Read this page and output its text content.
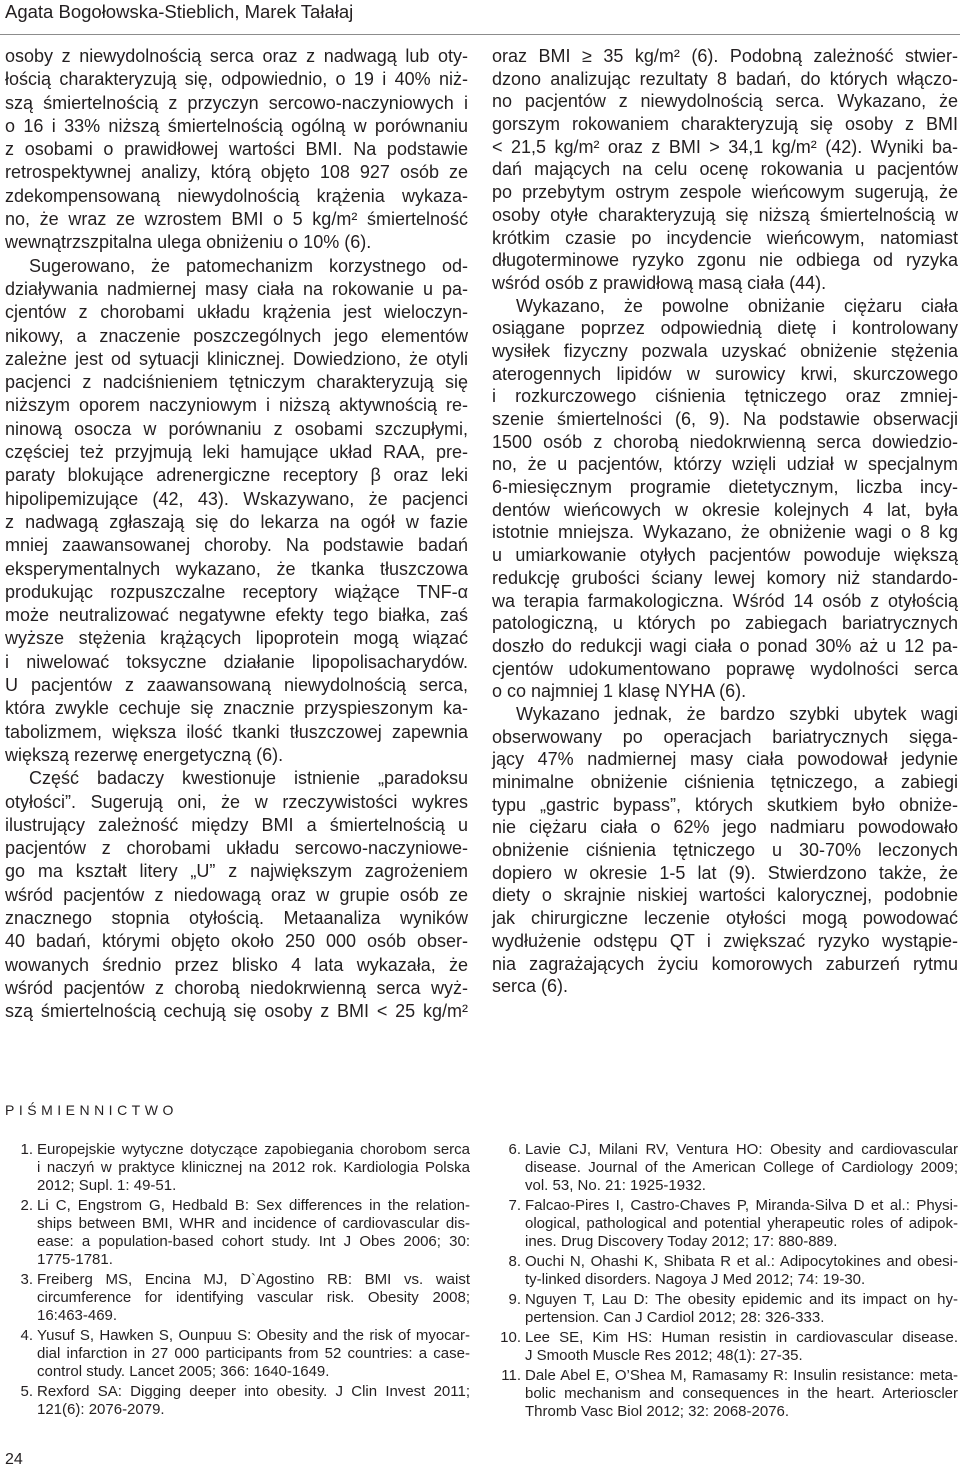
Agata Bogołowska-Stieblich, Marek Tałałaj
osoby z niewydolnością serca oraz z nadwagą lub oty-
łością charakteryzują się, odpowiednio, o 19 i 40% niż-
szą śmiertelnością z przyczyn sercowo-naczyniowych i
o 16 i 33% niższą śmiertelnością ogólną w porównaniu
z osobami o prawidłowej wartości BMI. Na podstawie
retrospektywnej analizy, którą objęto 108 927 osób ze
zdekompensowaną niewydolnością krążenia wykaza-
no, że wraz ze wzrostem BMI o 5 kg/m² śmiertelność
wewnątrzszpitalna ulega obniżeniu o 10% (6).
Sugerowano, że patomechanizm korzystnego od-
działywania nadmiernej masy ciała na rokowanie u pa-
cjentów z chorobami układu krążenia jest wieloczyn-
nikowy, a znaczenie poszczególnych jego elementów
zależne jest od sytuacji klinicznej. Dowiedziono, że otyli
pacjenci z nadciśnieniem tętniczym charakteryzują się
niższym oporem naczyniowym i niższą aktywnością re-
ninową osocza w porównaniu z osobami szczupłymi,
częściej też przyjmują leki hamujące układ RAA, pre-
paraty blokujące adrenergiczne receptory β oraz leki
hipolipemizujące (42, 43). Wskazywano, że pacjenci
z nadwagą zgłaszają się do lekarza na ogół w fazie
mniej zaawansowanej choroby. Na podstawie badań
eksperymentalnych wykazano, że tkanka tłuszczowa
produkując rozpuszczalne receptory wiążące TNF-α
może neutralizować negatywne efekty tego białka, zaś
wyższe stężenia krążących lipoprotein mogą wiązać
i niwelować toksyczne działanie lipopolisacharydów.
U pacjentów z zaawansowaną niewydolnością serca,
która zwykle cechuje się znacznie przyspieszonym ka-
tabolizmem, większa ilość tkanki tłuszczowej zapewnia
większą rezerwę energetyczną (6).
Część badaczy kwestionuje istnienie „paradoksu
otyłości”. Sugerują oni, że w rzeczywistości wykres
ilustrujący zależność między BMI a śmiertelnością u
pacjentów z chorobami układu sercowo-naczyniowe-
go ma kształt litery „U” z największym zagrożeniem
wśród pacjentów z niedowagą oraz w grupie osób ze
znacznego stopnia otyłością. Metaanaliza wyników
40 badań, którymi objęto około 250 000 osób obser-
wowanych średnio przez blisko 4 lata wykazała, że
wśród pacjentów z chorobą niedokrwienną serca wyż-
szą śmiertelnością cechują się osoby z BMI < 25 kg/m²
oraz BMI ≥ 35 kg/m² (6). Podobną zależność stwier-
dzono analizując rezultaty 8 badań, do których włączo-
no pacjentów z niewydolnością serca. Wykazano, że
gorszym rokowaniem charakteryzują się osoby z BMI
< 21,5 kg/m² oraz z BMI > 34,1 kg/m² (42). Wyniki ba-
dań mających na celu ocenę rokowania u pacjentów
po przebytym ostrym zespole wieńcowym sugerują, że
osoby otyłe charakteryzują się niższą śmiertelnością w
krótkim czasie po incydencie wieńcowym, natomiast
długoterminowe ryzyko zgonu nie odbiega od ryzyka
wśród osób z prawidłową masą ciała (44).
Wykazano, że powolne obniżanie ciężaru ciała
osiągane poprzez odpowiednią dietę i kontrolowany
wysiłek fizyczny pozwala uzyskać obniżenie stężenia
aterogennych lipidów w surowicy krwi, skurczowego
i rozkurczowego ciśnienia tętniczego oraz zmniej-
szenie śmiertelności (6, 9). Na podstawie obserwacji
1500 osób z chorobą niedokrwienną serca dowiedzio-
no, że u pacjentów, którzy wzięli udział w specjalnym
6-miesięcznym programie dietetycznym, liczba incy-
dentów wieńcowych w okresie kolejnych 4 lat, była
istotnie mniejsza. Wykazano, że obniżenie wagi o 8 kg
u umiarkowanie otyłych pacjentów powoduje większą
redukcję grubości ściany lewej komory niż standardo-
wa terapia farmakologiczna. Wśród 14 osób z otyłością
patologiczną, u których po zabiegach bariatrycznych
doszło do redukcji wagi ciała o ponad 30% aż u 12 pa-
cjentów udokumentowano poprawę wydolności serca
o co najmniej 1 klasę NYHA (6).
Wykazano jednak, że bardzo szybki ubytek wagi
obserwowany po operacjach bariatrycznych sięga-
jący 47% nadmiernej masy ciała powodował jedynie
minimalne obniżenie ciśnienia tętniczego, a zabiegi
typu „gastric bypass”, których skutkiem było obniże-
nie ciężaru ciała o 62% jego nadmiaru powodowało
obniżenie ciśnienia tętniczego u 30-70% leczonych
dopiero w okresie 1-5 lat (9). Stwierdzono także, że
diety o skrajnie niskiej wartości kalorycznej, podobnie
jak chirurgiczne leczenie otyłości mogą powodować
wydłużenie odstępu QT i zwiększać ryzyko wystąpie-
nia zagrażających życiu komorowych zaburzeń rytmu
serca (6).
PIŚMIENNICTWO
1. Europejskie wytyczne dotyczące zapobiegania chorobom serca
i naczyń w praktyce klinicznej na 2012 rok. Kardiologia Polska
2012; Supl. 1: 49-51.
2. Li C, Engstrom G, Hedbald B: Sex differences in the relation-
ships between BMI, WHR and incidence of cardiovascular dis-
ease: a population-based cohort study. Int J Obes 2006; 30:
1775-1781.
3. Freiberg MS, Encina MJ, D`Agostino RB: BMI vs. waist
circumference for identifying vascular risk. Obesity 2008;
16:463-469.
4. Yusuf S, Hawken S, Ounpuu S: Obesity and the risk of myocar-
dial infarction in 27 000 participants from 52 countries: a case-
control study. Lancet 2005; 366: 1640-1649.
5. Rexford SA: Digging deeper into obesity. J Clin Invest 2011;
121(6): 2076-2079.
6. Lavie CJ, Milani RV, Ventura HO: Obesity and cardiovascular
disease. Journal of the American College of Cardiology 2009;
vol. 53, No. 21: 1925-1932.
7. Falcao-Pires I, Castro-Chaves P, Miranda-Silva D et al.: Physi-
ological, pathological and potential yherapeutic roles of adipok-
ines. Drug Discovery Today 2012; 17: 880-889.
8. Ouchi N, Ohashi K, Shibata R et al.: Adipocytokines and obesi-
ty-linked disorders. Nagoya J Med 2012; 74: 19-30.
9. Nguyen T, Lau D: The obesity epidemic and its impact on hy-
pertension. Can J Cardiol 2012; 28: 326-333.
10. Lee SE, Kim HS: Human resistin in cardiovascular disease.
J Smooth Muscle Res 2012; 48(1): 27-35.
11. Dale Abel E, O’Shea M, Ramasamy R: Insulin resistance: meta-
bolic mechanism and consequences in the heart. Arterioscler
Thromb Vasc Biol 2012; 32: 2068-2076.
24
